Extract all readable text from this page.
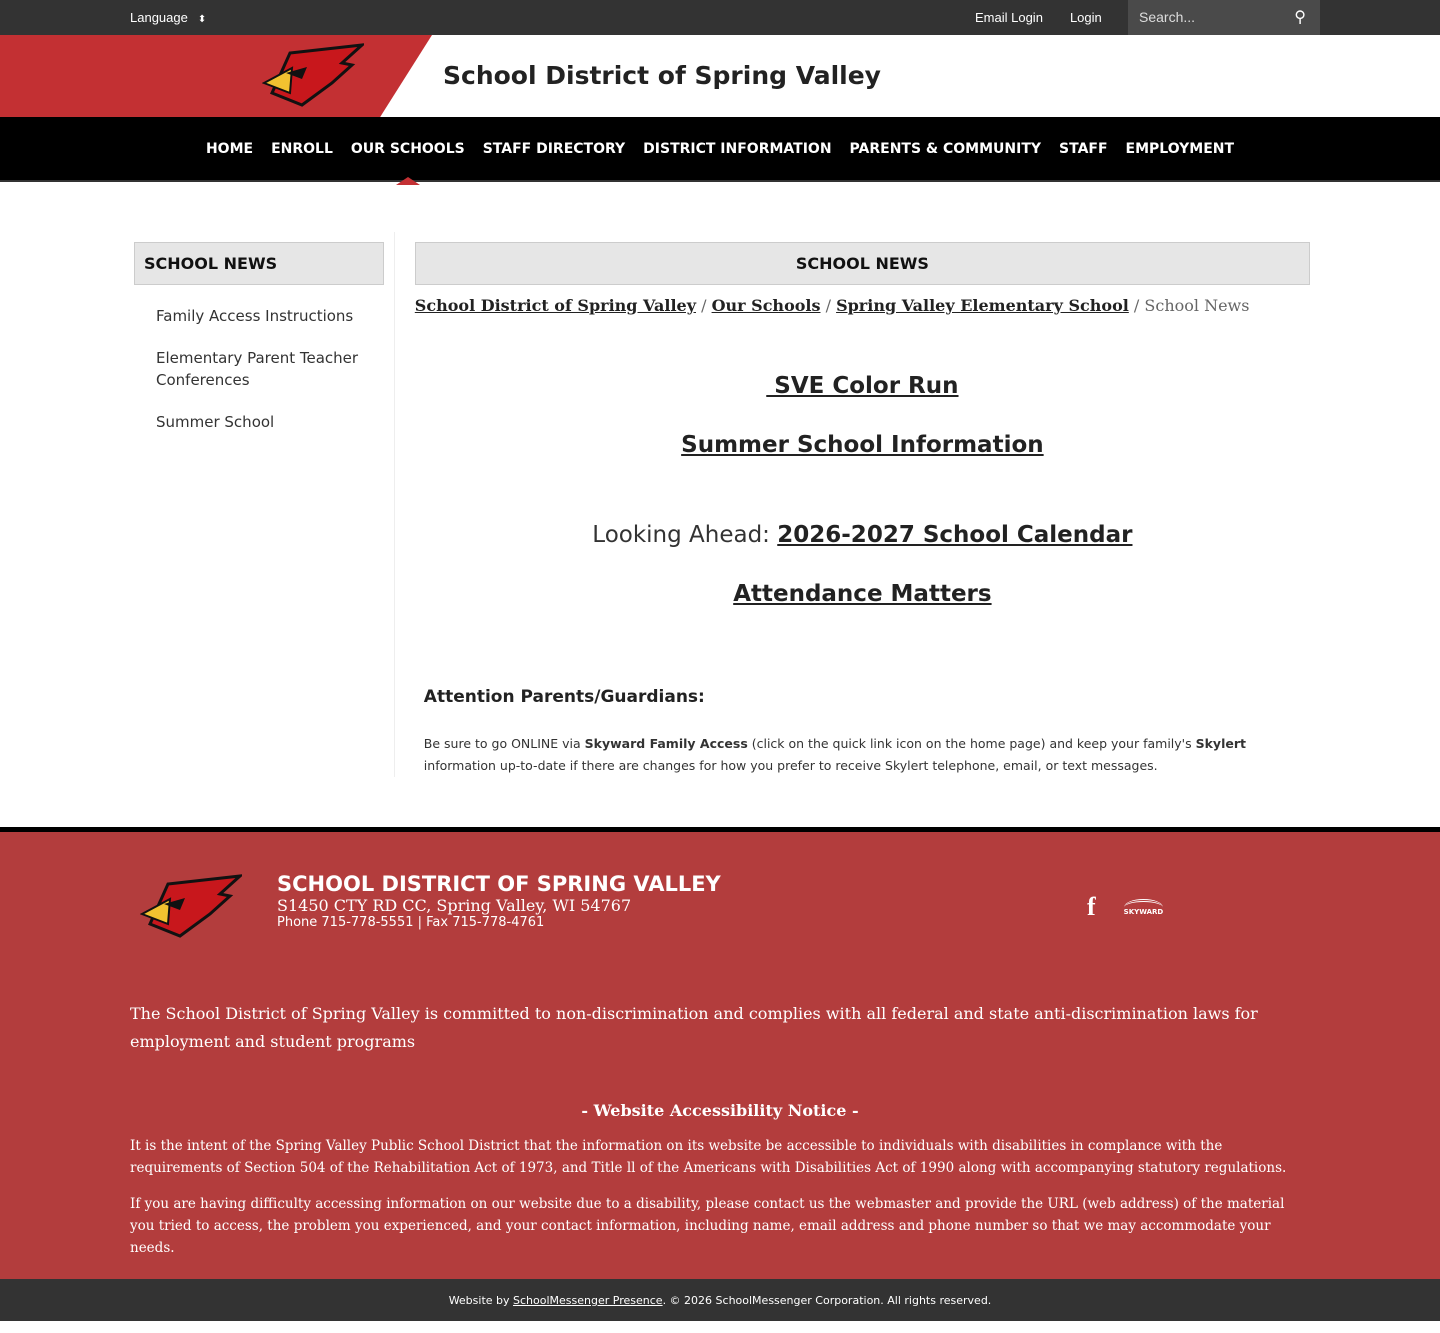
Language ⬍	Email Login Login	Search...	⚲
School District of Spring Valley
HOME ENROLL OUR SCHOOLS STAFF DIRECTORY DISTRICT INFORMATION PARENTS & COMMUNITY STAFF EMPLOYMENT
SCHOOL NEWS
Family Access Instructions
Elementary Parent Teacher Conferences
Summer School
SCHOOL NEWS
School District of Spring Valley / Our Schools / Spring Valley Elementary School / School News
SVE Color Run
Summer School Information
Looking Ahead: 2026-2027 School Calendar
Attendance Matters
Attention Parents/Guardians:
Be sure to go ONLINE via Skyward Family Access (click on the quick link icon on the home page) and keep your family's Skylert information up-to-date if there are changes for how you prefer to receive Skylert telephone, email, or text messages.
SCHOOL DISTRICT OF SPRING VALLEY
S1450 CTY RD CC, Spring Valley, WI 54767
Phone 715-778-5551 | Fax 715-778-4761
f	SKYWARD
The School District of Spring Valley is committed to non-discrimination and complies with all federal and state anti-discrimination laws for employment and student programs
- Website Accessibility Notice -
It is the intent of the Spring Valley Public School District that the information on its website be accessible to individuals with disabilities in complance with the requirements of Section 504 of the Rehabilitation Act of 1973, and Title ll of the Americans with Disabilities Act of 1990 along with accompanying statutory regulations.
If you are having difficulty accessing information on our website due to a disability, please contact us the webmaster and provide the URL (web address) of the material you tried to access, the problem you experienced, and your contact information, including name, email address and phone number so that we may accommodate your needs.
Website by SchoolMessenger Presence. © 2026 SchoolMessenger Corporation. All rights reserved.
